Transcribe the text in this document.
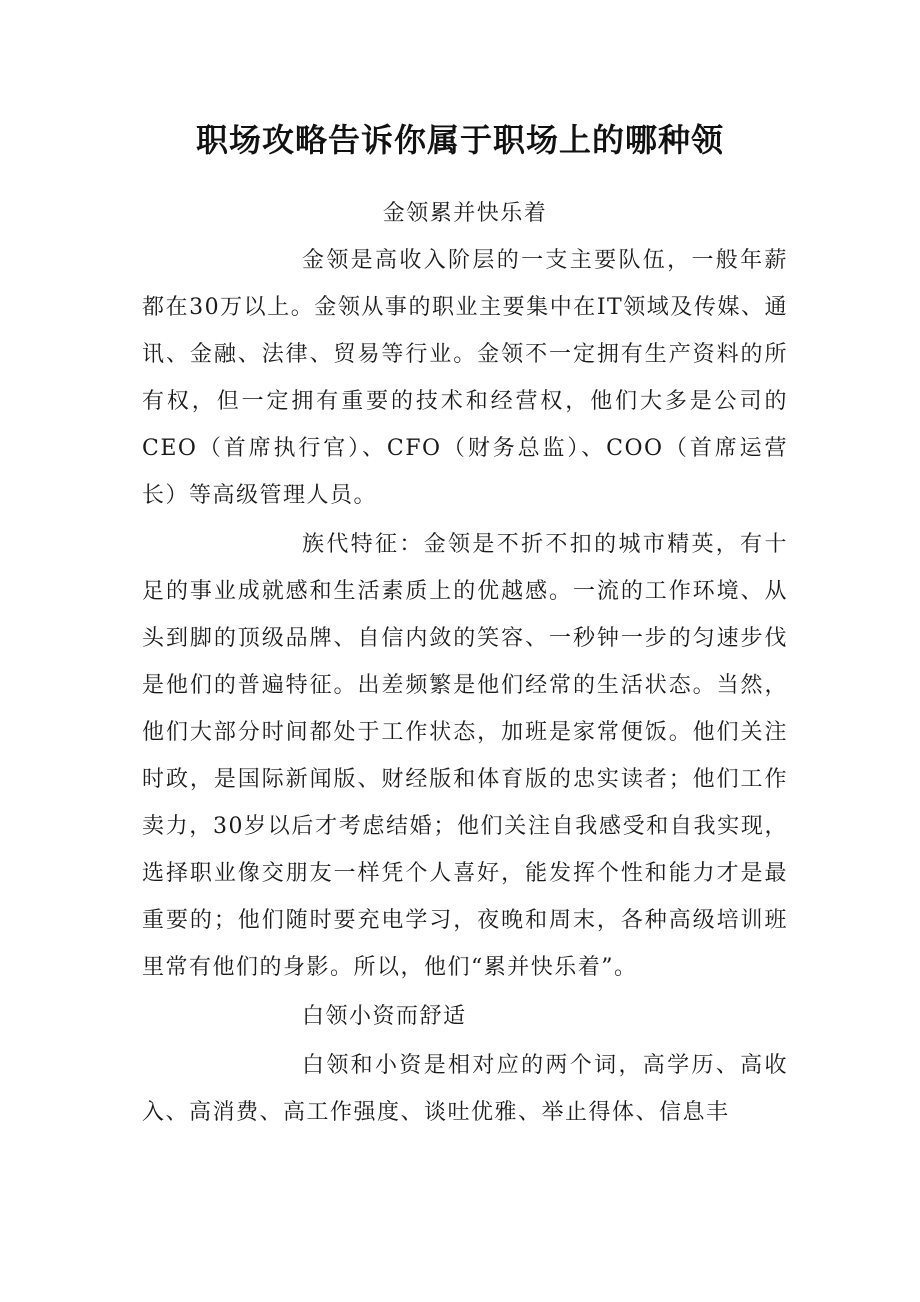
职场攻略告诉你属于职场上的哪种领

金领累并快乐着

金领是高收入阶层的一支主要队伍，一般年薪都在30万以上。金领从事的职业主要集中在IT领域及传媒、通讯、金融、法律、贸易等行业。金领不一定拥有生产资料的所有权，但一定拥有重要的技术和经营权，他们大多是公司的CEO（首席执行官）、CFO（财务总监）、COO（首席运营长）等高级管理人员。

族代特征：金领是不折不扣的城市精英，有十足的事业成就感和生活素质上的优越感。一流的工作环境、从头到脚的顶级品牌、自信内敛的笑容、一秒钟一步的匀速步伐是他们的普遍特征。出差频繁是他们经常的生活状态。当然，他们大部分时间都处于工作状态，加班是家常便饭。他们关注时政，是国际新闻版、财经版和体育版的忠实读者；他们工作卖力，30岁以后才考虑结婚；他们关注自我感受和自我实现，选择职业像交朋友一样凭个人喜好，能发挥个性和能力才是最重要的；他们随时要充电学习，夜晚和周末，各种高级培训班里常有他们的身影。所以，他们“累并快乐着”。

白领小资而舒适

白领和小资是相对应的两个词，高学历、高收入、高消费、高工作强度、谈吐优雅、举止得体、信息丰
